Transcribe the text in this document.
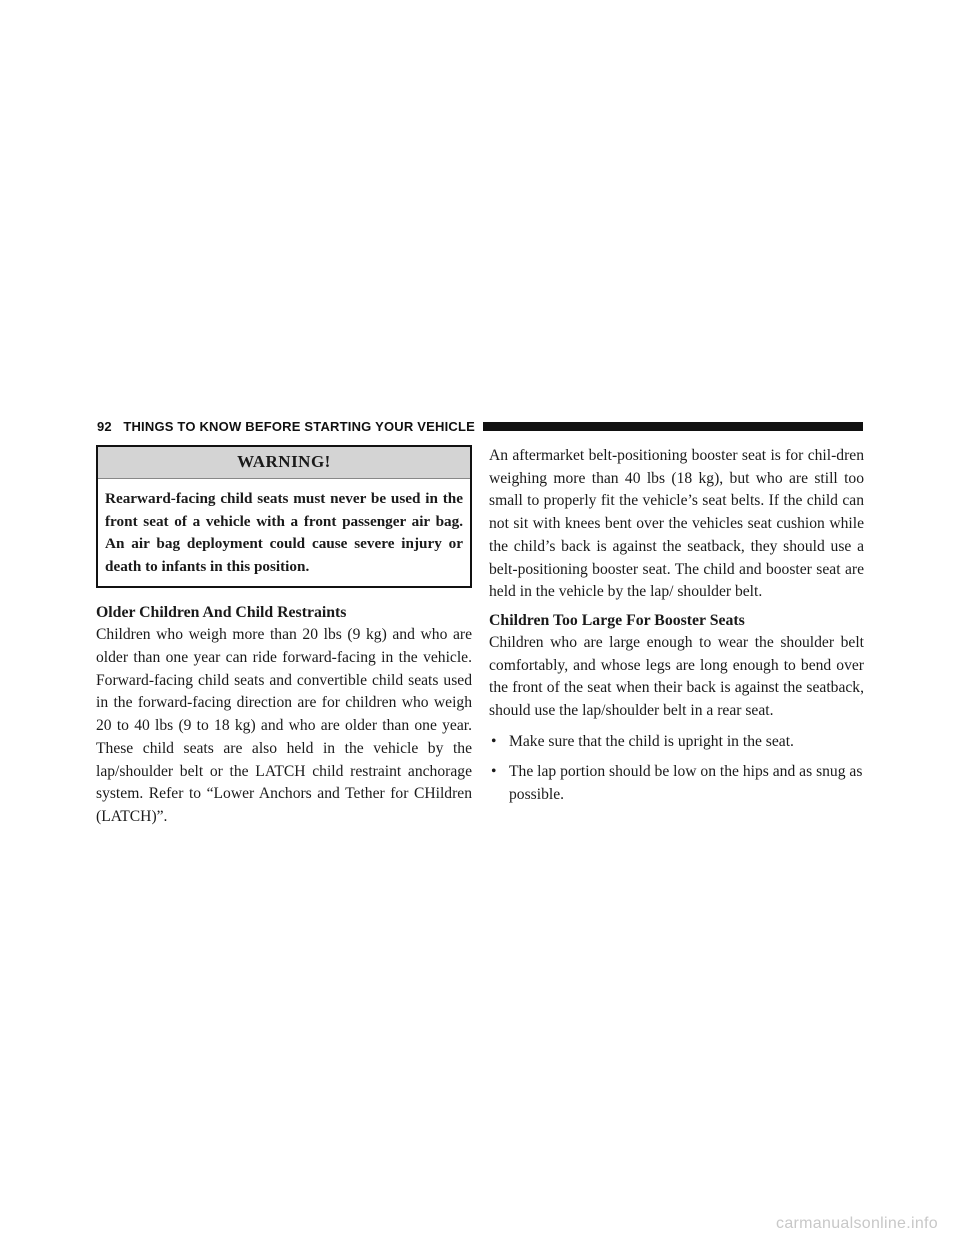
92 THINGS TO KNOW BEFORE STARTING YOUR VEHICLE
WARNING!
Rearward-facing child seats must never be used in the front seat of a vehicle with a front passenger air bag. An air bag deployment could cause severe injury or death to infants in this position.
Older Children And Child Restraints

Children who weigh more than 20 lbs (9 kg) and who are older than one year can ride forward-facing in the vehicle. Forward-facing child seats and convertible child seats used in the forward-facing direction are for children who weigh 20 to 40 lbs (9 to 18 kg) and who are older than one year. These child seats are also held in the vehicle by the lap/shoulder belt or the LATCH child restraint anchorage system. Refer to “Lower Anchors and Tether for CHildren (LATCH)”.

An aftermarket belt-positioning booster seat is for chil-dren weighing more than 40 lbs (18 kg), but who are still too small to properly fit the vehicle’s seat belts. If the child can not sit with knees bent over the vehicles seat cushion while the child’s back is against the seatback, they should use a belt-positioning booster seat. The child and booster seat are held in the vehicle by the lap/ shoulder belt.

Children Too Large For Booster Seats

Children who are large enough to wear the shoulder belt comfortably, and whose legs are long enough to bend over the front of the seat when their back is against the seatback, should use the lap/shoulder belt in a rear seat.

• Make sure that the child is upright in the seat.
• The lap portion should be low on the hips and as snug as possible.
carmanualsonline.info
